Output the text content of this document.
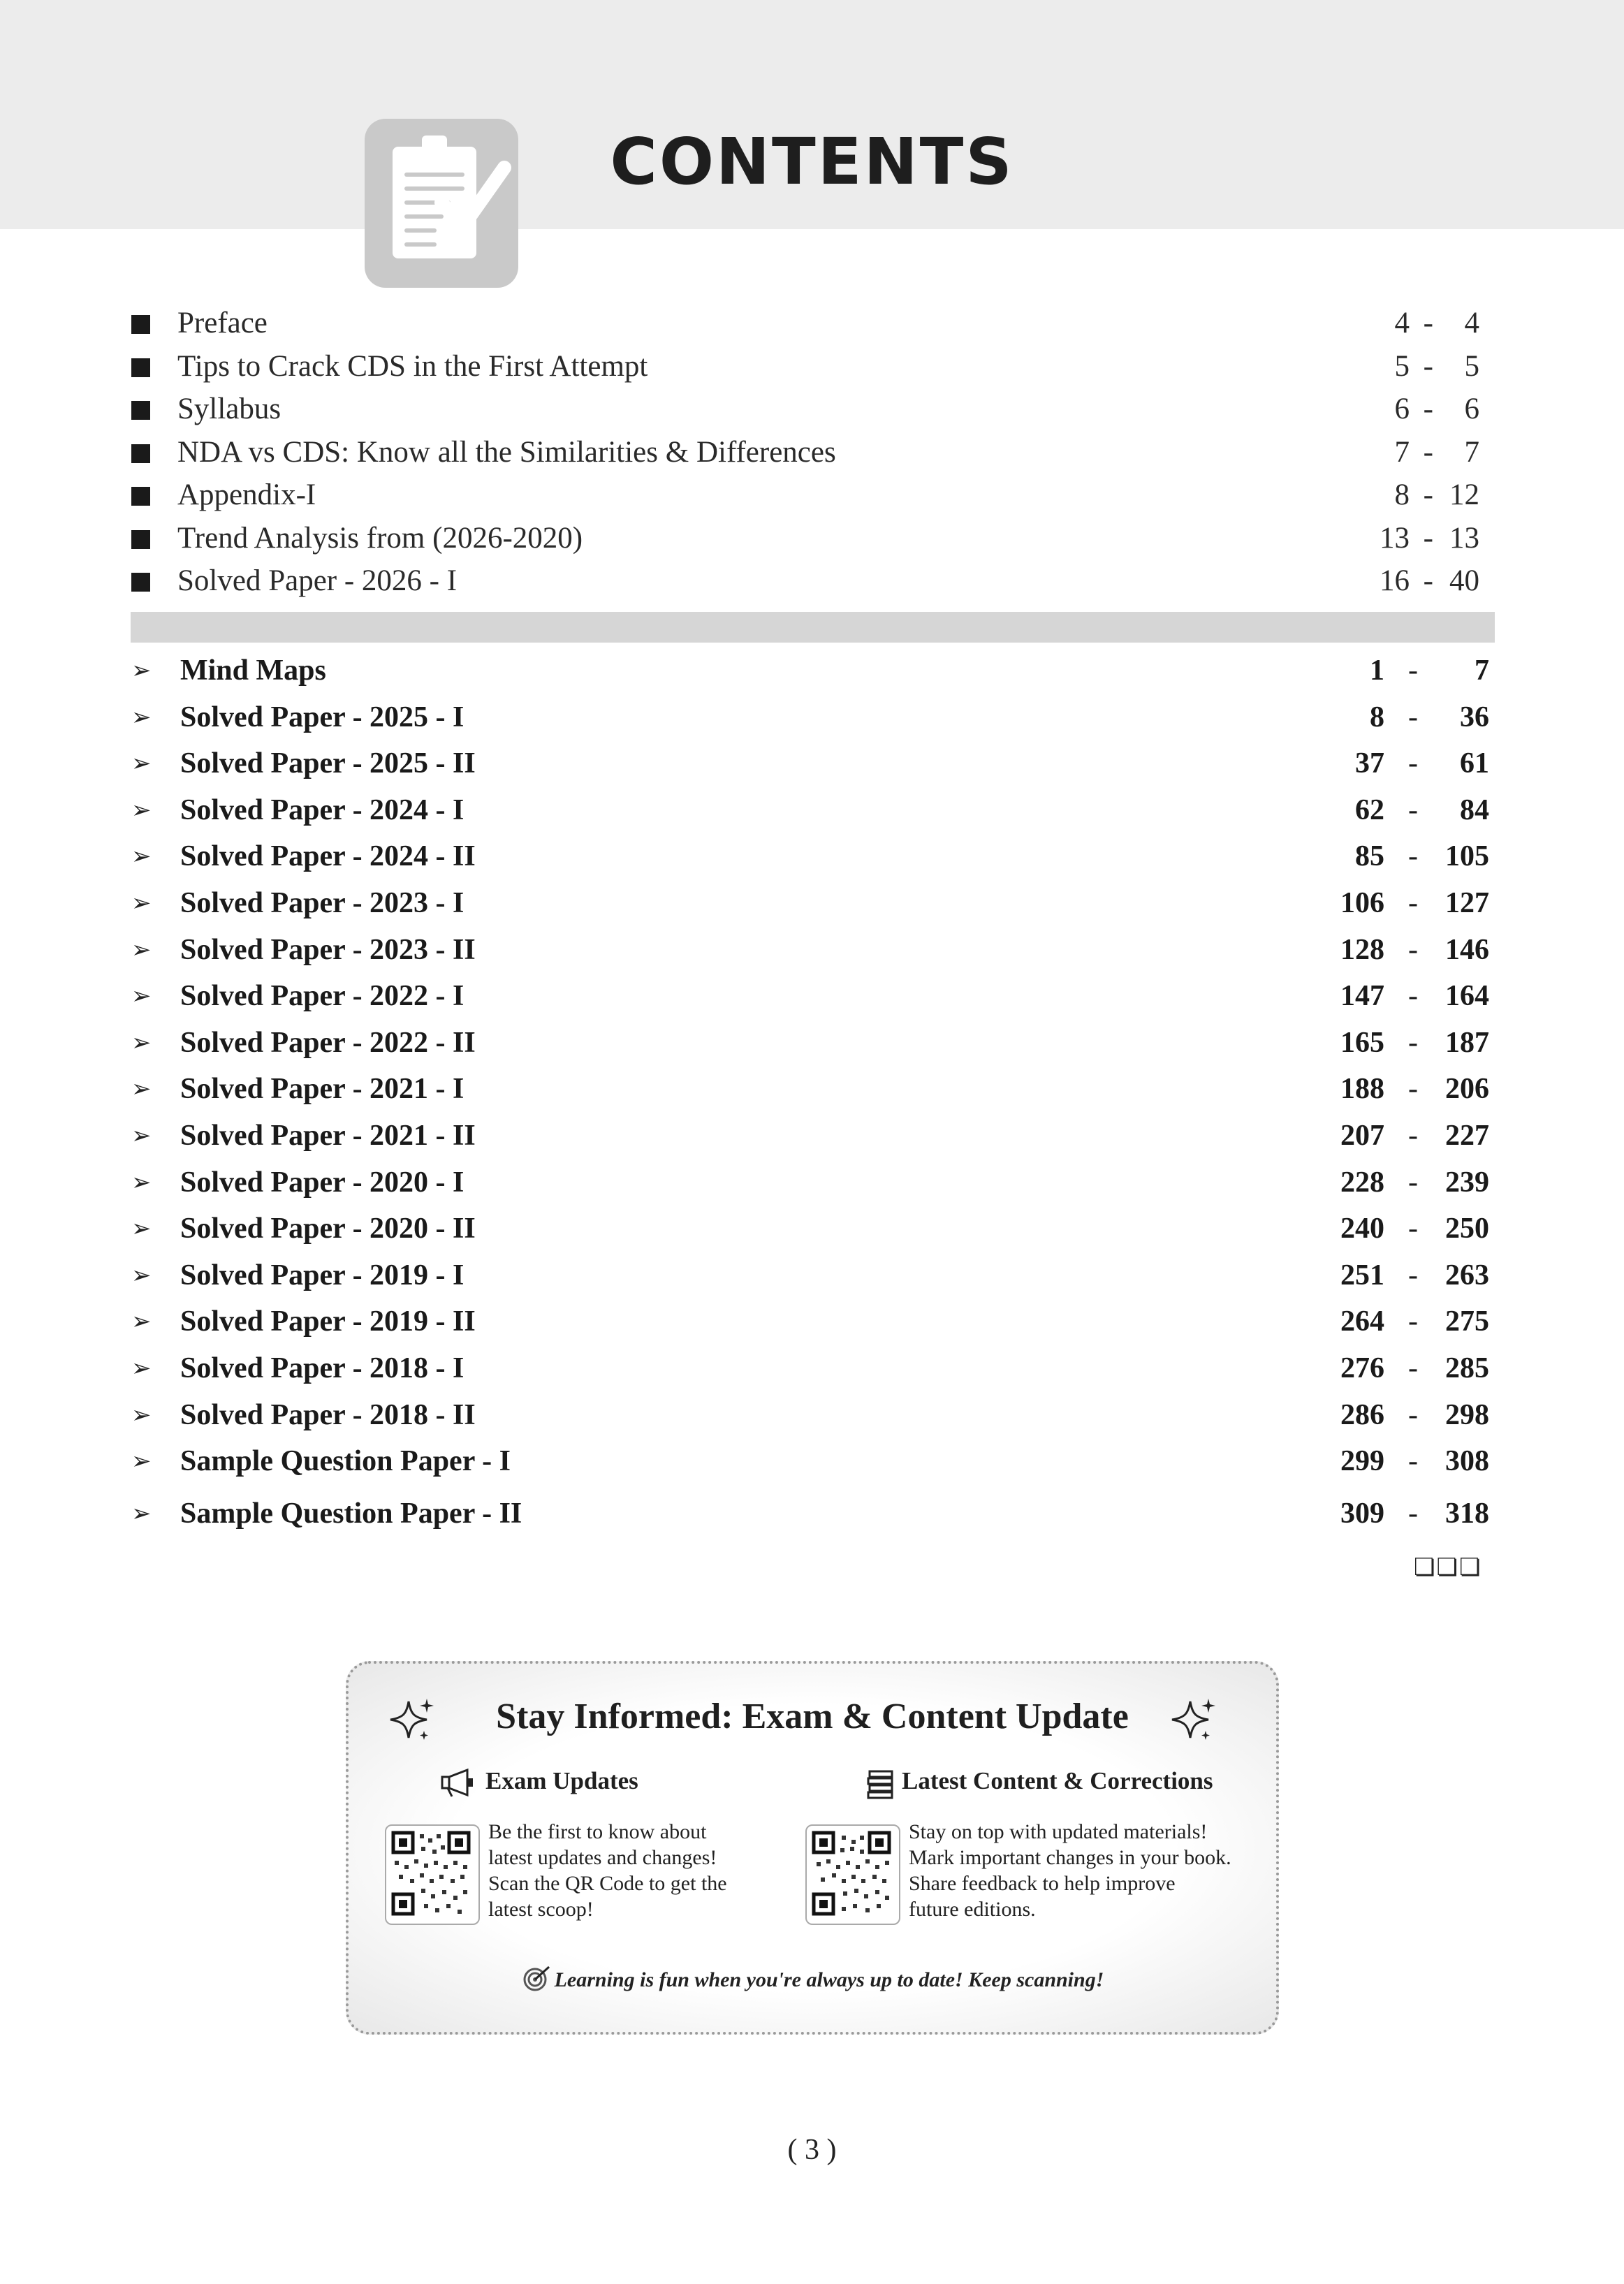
CONTENTS
Preface	4 - 4
Tips to Crack CDS in the First Attempt	5 - 5
Syllabus	6 - 6
NDA vs CDS: Know all the Similarities & Differences	7 - 7
Appendix-I	8 - 12
Trend Analysis from (2026-2020)	13 - 13
Solved Paper - 2026 - I	16 - 40
➢ Mind Maps	1 - 7
➢ Solved Paper - 2025 - I	8 - 36
➢ Solved Paper - 2025 - II	37 - 61
➢ Solved Paper - 2024 - I	62 - 84
➢ Solved Paper - 2024 - II	85 - 105
➢ Solved Paper - 2023 - I	106 - 127
➢ Solved Paper - 2023 - II	128 - 146
➢ Solved Paper - 2022 - I	147 - 164
➢ Solved Paper - 2022 - II	165 - 187
➢ Solved Paper - 2021 - I	188 - 206
➢ Solved Paper - 2021 - II	207 - 227
➢ Solved Paper - 2020 - I	228 - 239
➢ Solved Paper - 2020 - II	240 - 250
➢ Solved Paper - 2019 - I	251 - 263
➢ Solved Paper - 2019 - II	264 - 275
➢ Solved Paper - 2018 - I	276 - 285
➢ Solved Paper - 2018 - II	286 - 298
➢ Sample Question Paper - I	299 - 308
➢ Sample Question Paper - II	309 - 318
❏❏❏
Stay Informed: Exam & Content Update
Exam Updates	Latest Content & Corrections
Be the first to know about
latest updates and changes!
Scan the QR Code to get the
latest scoop!
Stay on top with updated materials!
Mark important changes in your book.
Share feedback to help improve
future editions.
Learning is fun when you're always up to date! Keep scanning!
( 3 )
